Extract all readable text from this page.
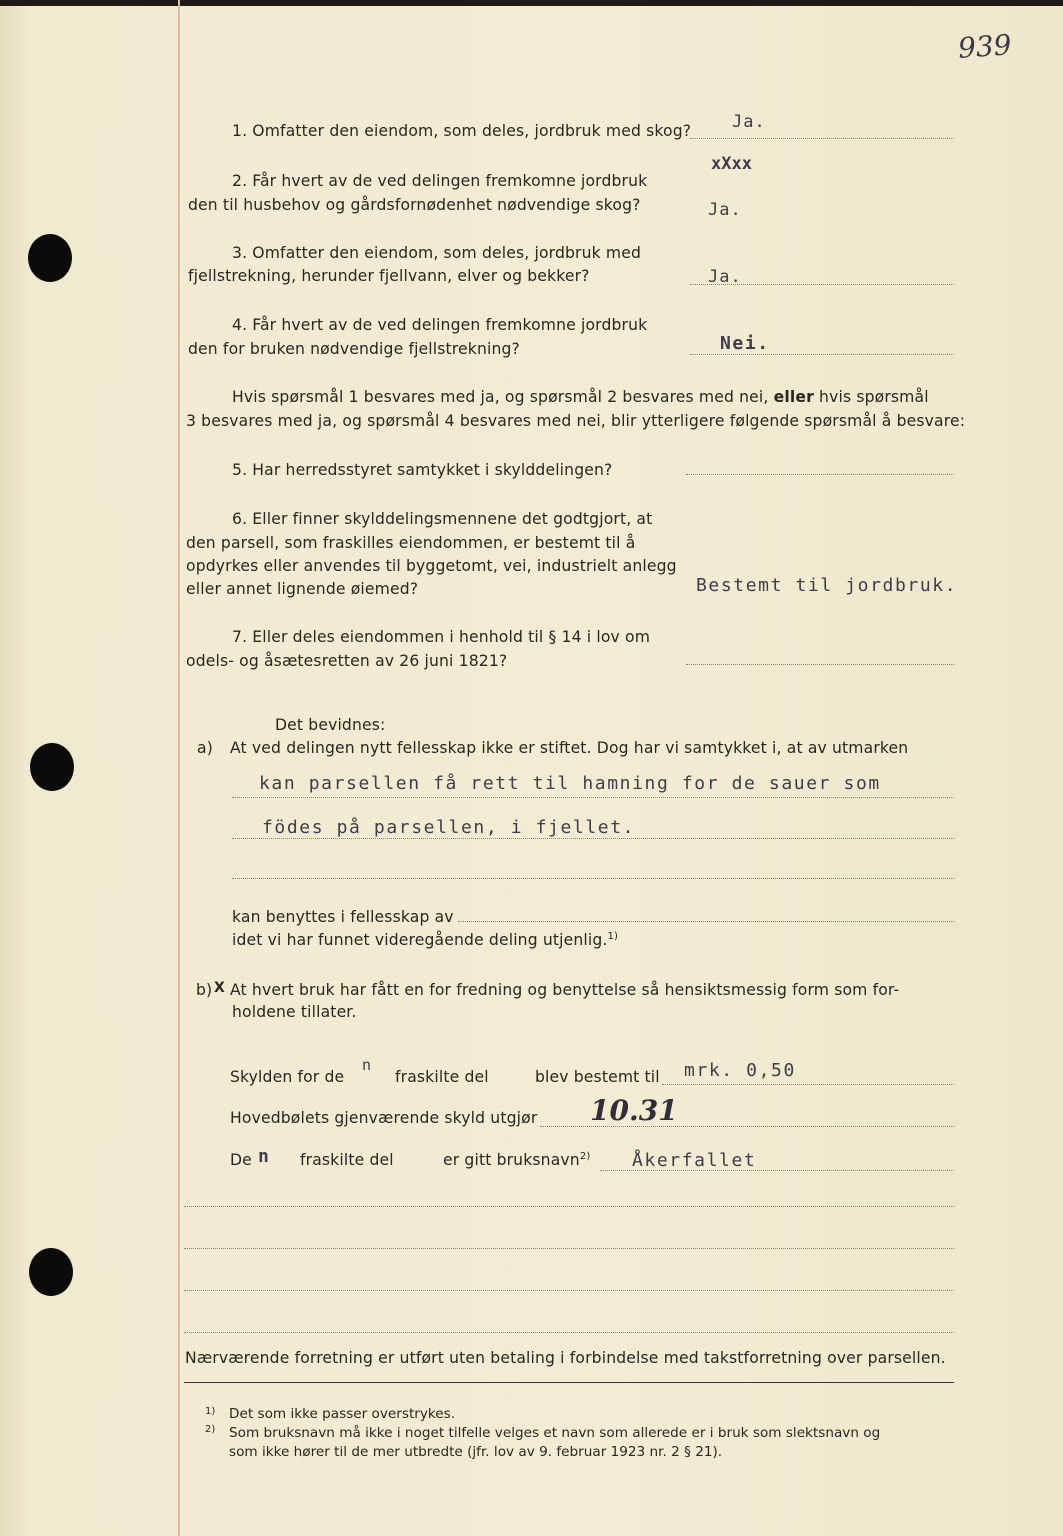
939
1. Omfatter den eiendom, som deles, jordbruk med skog? Ja.
xXxx
2. Får hvert av de ved delingen fremkomne jordbruk
den til husbehov og gårdsfornødenhet nødvendige skog?	Ja.
3. Omfatter den eiendom, som deles, jordbruk med
fjellstrekning, herunder fjellvann, elver og bekker?	Ja.
4. Får hvert av de ved delingen fremkomne jordbruk
den for bruken nødvendige fjellstrekning?	Nei.
Hvis spørsmål 1 besvares med ja, og spørsmål 2 besvares med nei, eller hvis spørsmål
3 besvares med ja, og spørsmål 4 besvares med nei, blir ytterligere følgende spørsmål å besvare:
5. Har herredsstyret samtykket i skylddelingen?
6. Eller finner skylddelingsmennene det godtgjort, at
den parsell, som fraskilles eiendommen, er bestemt til å
opdyrkes eller anvendes til byggetomt, vei, industrielt anlegg
eller annet lignende øiemed?	Bestemt til jordbruk.
7. Eller deles eiendommen i henhold til § 14 i lov om
odels- og åsætesretten av 26 juni 1821?
Det bevidnes:
a) At ved delingen nytt fellesskap ikke er stiftet. Dog har vi samtykket i, at av utmarken
kan parsellen få rett til hamning for de sauer som
födes på parsellen, i fjellet.
kan benyttes i fellesskap av
idet vi har funnet videregående deling utjenlig.$^{1)}$
b) X At hvert bruk har fått en for fredning og benyttelse så hensiktsmessig form som for-
holdene tillater.
Skylden for de
n
fraskilte del	blev bestemt til mrk. 0,50
Hovedbølets gjenværende skyld utgjør 10.31
De n fraskilte del	er gitt bruksnavn$^{2)}$ Åkerfallet
Nærværende forretning er utført uten betaling i forbindelse med takstforretning over parsellen.
1) Det som ikke passer overstrykes.
2) Som bruksnavn må ikke i noget tilfelle velges et navn som allerede er i bruk som slektsnavn og
som ikke hører til de mer utbredte (jfr. lov av 9. februar 1923 nr. 2 § 21).
